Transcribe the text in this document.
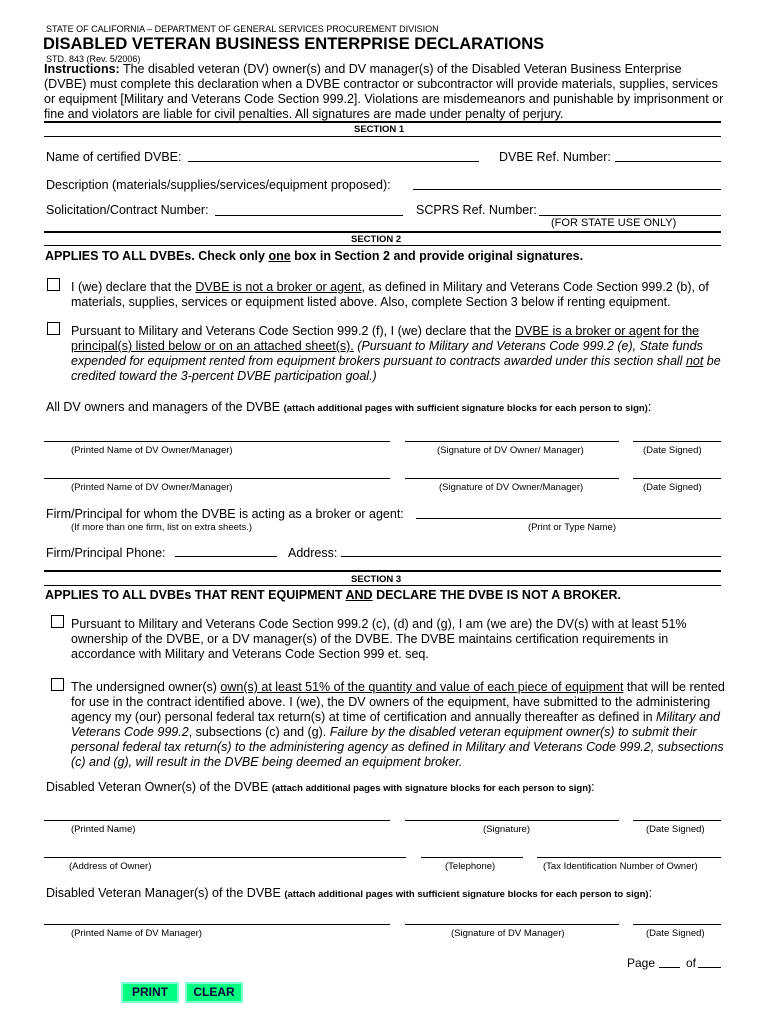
STATE OF CALIFORNIA – DEPARTMENT OF GENERAL SERVICES PROCUREMENT DIVISION
DISABLED VETERAN BUSINESS ENTERPRISE DECLARATIONS
STD. 843 (Rev. 5/2006)
Instructions: The disabled veteran (DV) owner(s) and DV manager(s) of the Disabled Veteran Business Enterprise
(DVBE) must complete this declaration when a DVBE contractor or subcontractor will provide materials, supplies, services
or equipment [Military and Veterans Code Section 999.2]. Violations are misdemeanors and punishable by imprisonment or
fine and violators are liable for civil penalties. All signatures are made under penalty of perjury.
SECTION 1
Name of certified DVBE:	DVBE Ref. Number:
Description (materials/supplies/services/equipment proposed):
Solicitation/Contract Number:	SCPRS Ref. Number:
(FOR STATE USE ONLY)
SECTION 2
APPLIES TO ALL DVBEs. Check only one box in Section 2 and provide original signatures.
I (we) declare that the DVBE is not a broker or agent, as defined in Military and Veterans Code Section 999.2 (b), of
materials, supplies, services or equipment listed above. Also, complete Section 3 below if renting equipment.
Pursuant to Military and Veterans Code Section 999.2 (f), I (we) declare that the DVBE is a broker or agent for the
principal(s) listed below or on an attached sheet(s). (Pursuant to Military and Veterans Code 999.2 (e), State funds
expended for equipment rented from equipment brokers pursuant to contracts awarded under this section shall not be
credited toward the 3-percent DVBE participation goal.)
All DV owners and managers of the DVBE (attach additional pages with sufficient signature blocks for each person to sign):
(Printed Name of DV Owner/Manager)	(Signature of DV Owner/ Manager)	(Date Signed)
(Printed Name of DV Owner/Manager)	(Signature of DV Owner/Manager)	(Date Signed)
Firm/Principal for whom the DVBE is acting as a broker or agent:
(If more than one firm, list on extra sheets.)	(Print or Type Name)
Firm/Principal Phone:	Address:
SECTION 3
APPLIES TO ALL DVBEs THAT RENT EQUIPMENT AND DECLARE THE DVBE IS NOT A BROKER.
Pursuant to Military and Veterans Code Section 999.2 (c), (d) and (g), I am (we are) the DV(s) with at least 51%
ownership of the DVBE, or a DV manager(s) of the DVBE. The DVBE maintains certification requirements in
accordance with Military and Veterans Code Section 999 et. seq.
The undersigned owner(s) own(s) at least 51% of the quantity and value of each piece of equipment that will be rented
for use in the contract identified above. I (we), the DV owners of the equipment, have submitted to the administering
agency my (our) personal federal tax return(s) at time of certification and annually thereafter as defined in Military and
Veterans Code 999.2, subsections (c) and (g). Failure by the disabled veteran equipment owner(s) to submit their
personal federal tax return(s) to the administering agency as defined in Military and Veterans Code 999.2, subsections
(c) and (g), will result in the DVBE being deemed an equipment broker.
Disabled Veteran Owner(s) of the DVBE (attach additional pages with signature blocks for each person to sign):
(Printed Name)	(Signature)	(Date Signed)
(Address of Owner)	(Telephone)	(Tax Identification Number of Owner)
Disabled Veteran Manager(s) of the DVBE (attach additional pages with sufficient signature blocks for each person to sign):
(Printed Name of DV Manager)	(Signature of DV Manager)	(Date Signed)
Page	of
PRINT	CLEAR
